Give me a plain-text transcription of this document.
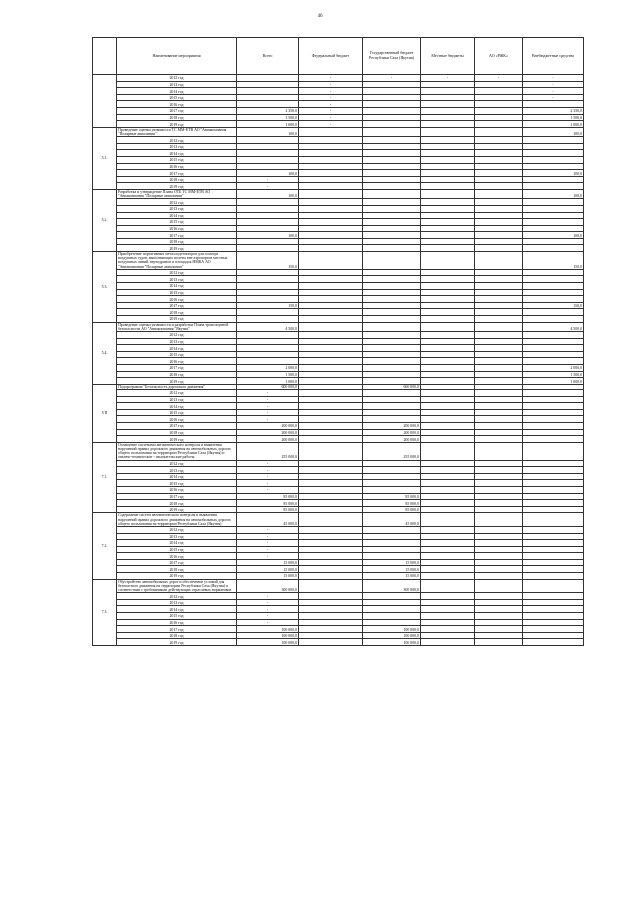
46
	Наименование мероприятия	Всего	Федеральный бюджет	Государственный бюджет Республики Саха (Якутия)	Местные бюджеты	АО «РЖК»	Внебюджетные средства
	2012 год		-	-	-	-	-
	2013 год		-				-
	2014 год		-				-
	2015 год		-				-
	2016 год		-				
	2017 год	2 350,0	-				2 350,0
	2018 год	1 500,0	-				1 500,0
	2019 год	1 000,0	-				1 000,0
5.1.	Проведение оценки уязвимости ТС ММ-ЕТВ АО "Авиакомпания "Полярные авиалинии"	100,0					100,0
	2012 год						
	2013 год						
	2014 год						
	2015 год						
	2016 год						
	2017 год	100,0					100,0
	2018 год	-					
	2019 год	-					
5.2.	Разработка и утверждение Плана ОТБ ТС ММ-ЕТВ АО "Авиакомпания "Полярные авиалинии"	100,0					100,0
	2012 год						
	2013 год						
	2014 год						
	2015 год						
	2016 год						
	2017 год	100,0					100,0
	2018 год						
	2019 год						
5.3.	Приобретение портативных металлодетекторов для осмотра воздушных судов, выполняющих полеты вне аэропортов местных воздушных линий, вертодромов и площадок НМКА АО "Авиакомпания "Полярные авиалинии"	150,0					150,0
	2012 год						
	2013 год						
	2014 год						
	2015 год						
	2016 год						
	2017 год	150,0					150,0
	2018 год						
	2019 год						
5.4.	Проведение оценки уязвимости и разработки Плана транспортной безопасности АО "Авиакомпания "Якутия"	4 500,0					4 500,0
	2012 год						
	2013 год						
	2014 год						
	2015 год						
	2016 год						
	2017 год	2 000,0					2 000,0
	2018 год	1 500,0					1 500,0
	2019 год	1 000,0					1 000,0
VII	Подпрограмма "Безопасность дорожного движения"	600 000,0		600 000,0			
	2012 год	-					
	2013 год	-					
	2014 год	-					
	2015 год	-					
	2016 год	-					
	2017 год	200 000,0		200 000,0			
	2018 год	200 000,0		200 000,0			
	2019 год	200 000,0		200 000,0			
7.1.	Оснащение системами автоматического контроля и выявления нарушений правил дорожного движения на автомобильных дорогах общего пользования на территории Республики Саха (Якутия) и опытно-технические - изыскательские работы	255 000,0		255 000,0			
	2012 год	-					
	2013 год	-					
	2014 год	-					
	2015 год	-					
	2016 год	-					
	2017 год	85 000,0		85 000,0			
	2018 год	85 000,0		85 000,0			
	2019 год	85 000,0		85 000,0			
7.2.	Содержание систем автоматического контроля и выявления нарушений правил дорожного движения на автомобильных дорогах общего пользования на территории Республики Саха (Якутия)	45 000,0		45 000,0			
	2012 год	-					
	2013 год	-					
	2014 год	-					
	2015 год	-					
	2016 год	-					
	2017 год	15 000,0		15 000,0			
	2018 год	15 000,0		15 000,0			
	2019 год	15 000,0		15 000,0			
7.3.	Обустройство автомобильных дорог и обеспечение условий для безопасного движения на территории Республики Саха (Якутия) в соответствии с требованиями действующих отраслевых нормативов	300 000,0		300 000,0			
	2012 год	-					
	2013 год	-					
	2014 год	-					
	2015 год	-					
	2016 год	-					
	2017 год	100 000,0		100 000,0			
	2018 год	100 000,0		100 000,0			
	2019 год	100 000,0		100 000,0			
